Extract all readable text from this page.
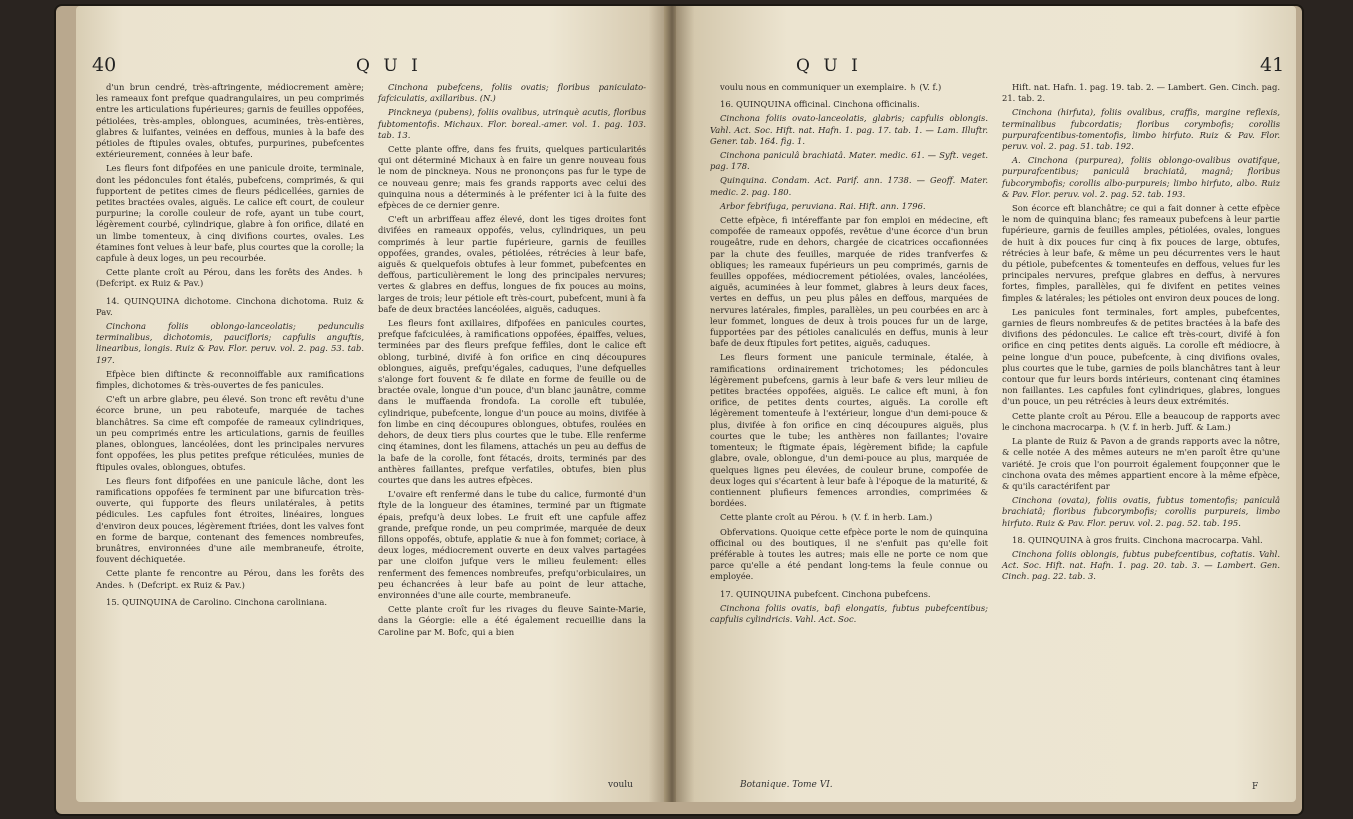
40	Q U I

d'un brun cendré, très-aftringente, médiocrement amère; les rameaux font prefque quadrangulaires, un peu comprimés entre les articulations fupérieures; garnis de feuilles oppofées, pétiolées, très-amples, oblongues, acuminées, très-entières, glabres & luifantes, veinées en deffous, munies à la bafe des pétioles de ftipules ovales, obtufes, purpurines, pubefcentes extérieurement, connées à leur bafe.

Les fleurs font difpofées en une panicule droite, terminale, dont les pédoncules font étalés, pubefcens, comprimés, & qui fupportent de petites cimes de fleurs pédicellées, garnies de petites bractées ovales, aiguës. Le calice eft court, de couleur purpurine; la corolle couleur de rofe, ayant un tube court, légèrement courbé, cylindrique, glabre à fon orifice, dilaté en un limbe tomenteux, à cinq divifions courtes, ovales. Les étamines font velues à leur bafe, plus courtes que la corolle; la capfule à deux loges, un peu recourbée.

Cette plante croît au Pérou, dans les forêts des Andes. ♄ (Defcript. ex Ruiz & Pav.)

14. QUINQUINA dichotome. Cinchona dichotoma. Ruiz & Pav.

Cinchona foliis oblongo-lanceolatis; pedunculis terminalibus, dichotomis, paucifloris; capfulis anguftis, linearibus, longis. Ruiz & Pav. Flor. peruv. vol. 2. pag. 53. tab. 197.

Efpèce bien diftincte & reconnoiffable aux ramifications fimples, dichotomes & très-ouvertes de fes panicules.

C'eft un arbre glabre, peu élevé. Son tronc eft revêtu d'une écorce brune, un peu raboteufe, marquée de taches blanchâtres. Sa cime eft compofée de rameaux cylindriques, un peu comprimés entre les articulations, garnis de feuilles planes, oblongues, lancéolées, dont les principales nervures font oppofées, les plus petites prefque réticulées, munies de ftipules ovales, oblongues, obtufes.

Les fleurs font difpofées en une panicule lâche, dont les ramifications oppofées fe terminent par une bifurcation très-ouverte, qui fupporte des fleurs unilatérales, à petits pédicules. Les capfules font étroites, linéaires, longues d'environ deux pouces, légèrement ftriées, dont les valves font en forme de barque, contenant des femences nombreufes, brunâtres, environnées d'une aile membraneufe, étroite, fouvent déchiquetée.

Cette plante fe rencontre au Pérou, dans les forêts des Andes. ♄ (Defcript. ex Ruiz & Pav.)

15. QUINQUINA de Carolino. Cinchona caroliniana.

Cinchona pubefcens, foliis ovatis; floribus paniculato-fafciculatis, axillaribus. (N.)

Pinckneya (pubens), foliis ovalibus, utrinquè acutis, floribus fubtomentofis. Michaux. Flor. boreal.-amer. vol. 1. pag. 103. tab. 13.

Cette plante offre, dans fes fruits, quelques particularités qui ont déterminé Michaux à en faire un genre nouveau fous le nom de pinckneya. Nous ne prononçons pas fur le type de ce nouveau genre; mais fes grands rapports avec celui des quinquina nous a déterminés à le préfenter ici à la fuite des efpèces de ce dernier genre.

C'eft un arbriffeau affez élevé, dont les tiges droites font divifées en rameaux oppofés, velus, cylindriques, un peu comprimés à leur partie fupérieure, garnis de feuilles oppofées, grandes, ovales, pétiolées, rétrécies à leur bafe, aiguës & quelquefois obtufes à leur fommet, pubefcentes en deffous, particulièrement le long des principales nervures; vertes & glabres en deffus, longues de fix pouces au moins, larges de trois; leur pétiole eft très-court, pubefcent, muni à fa bafe de deux bractées lancéolées, aiguës, caduques.

Les fleurs font axillaires, difpofées en panicules courtes, prefque fafciculées, à ramifications oppofées, épaiffes, velues, terminées par des fleurs prefque feffiles, dont le calice eft oblong, turbiné, divifé à fon orifice en cinq découpures oblongues, aiguës, prefqu'égales, caduques, l'une defquelles s'alonge fort fouvent & fe dilate en forme de feuille ou de bractée ovale, longue d'un pouce, d'un blanc jaunâtre, comme dans le muffaenda frondofa. La corolle eft tubulée, cylindrique, pubefcente, longue d'un pouce au moins, divifée à fon limbe en cinq découpures oblongues, obtufes, roulées en dehors, de deux tiers plus courtes que le tube. Elle renferme cinq étamines, dont les filamens, attachés un peu au deffus de la bafe de la corolle, font fétacés, droits, terminés par des anthères faillantes, prefque verfatiles, obtufes, bien plus courtes que dans les autres efpèces.

L'ovaire eft renfermé dans le tube du calice, furmonté d'un ftyle de la longueur des étamines, terminé par un ftigmate épais, prefqu'à deux lobes. Le fruit eft une capfule affez grande, prefque ronde, un peu comprimée, marquée de deux fillons oppofés, obtufe, applatie & nue à fon fommet; coriace, à deux loges, médiocrement ouverte en deux valves partagées par une cloifon jufque vers le milieu feulement: elles renferment des femences nombreufes, prefqu'orbiculaires, un peu échancrées à leur bafe au point de leur attache, environnées d'une aile courte, membraneufe.

Cette plante croît fur les rivages du fleuve Sainte-Marie, dans la Géorgie: elle a été également recueillie dans la Caroline par M. Bofc, qui a bien

voulu
Q U I	41

voulu nous en communiquer un exemplaire. ♄ (V. f.)

16. QUINQUINA officinal. Cinchona officinalis.

Cinchona foliis ovato-lanceolatis, glabris; capfulis oblongis. Vahl. Act. Soc. Hift. nat. Hafn. 1. pag. 17. tab. 1. — Lam. Illuftr. Gener. tab. 164. fig. 1.

Cinchona paniculâ brachiatâ. Mater. medic. 61. — Syft. veget. pag. 178.

Quinquina. Condam. Act. Parif. ann. 1738. — Geoff. Mater. medic. 2. pag. 180.

Arbor febrifuga, peruviana. Rai. Hift. ann. 1796.

Cette efpèce, fi intéreffante par fon emploi en médecine, eft compofée de rameaux oppofés, revêtue d'une écorce d'un brun rougeâtre, rude en dehors, chargée de cicatrices occafionnées par la chute des feuilles, marquée de rides tranfverfes & obliques; les rameaux fupérieurs un peu comprimés, garnis de feuilles oppofées, médiocrement pétiolées, ovales, lancéolées, aiguës, acuminées à leur fommet, glabres à leurs deux faces, vertes en deffus, un peu plus pâles en deffous, marquées de nervures latérales, fimples, parallèles, un peu courbées en arc à leur fommet, longues de deux à trois pouces fur un de large, fupportées par des pétioles canaliculés en deffus, munis à leur bafe de deux ftipules fort petites, aiguës, caduques.

Les fleurs forment une panicule terminale, étalée, à ramifications ordinairement trichotomes; les pédoncules légèrement pubefcens, garnis à leur bafe & vers leur milieu de petites bractées oppofées, aiguës. Le calice eft muni, à fon orifice, de petites dents courtes, aiguës. La corolle eft légèrement tomenteufe à l'extérieur, longue d'un demi-pouce & plus, divifée à fon orifice en cinq découpures aiguës, plus courtes que le tube; les anthères non faillantes; l'ovaire tomenteux; le ftigmate épais, légèrement bifide; la capfule glabre, ovale, oblongue, d'un demi-pouce au plus, marquée de quelques lignes peu élevées, de couleur brune, compofée de deux loges qui s'écartent à leur bafe à l'époque de la maturité, & contiennent plufieurs femences arrondies, comprimées & bordées.

Cette plante croît au Pérou. ♄ (V. f. in herb. Lam.)

Obfervations. Quoique cette efpèce porte le nom de quinquina officinal ou des boutiques, il ne s'enfuit pas qu'elle foit préférable à toutes les autres; mais elle ne porte ce nom que parce qu'elle a été pendant long-tems la feule connue ou employée.

17. QUINQUINA pubefcent. Cinchona pubefcens.

Cinchona foliis ovatis, bafi elongatis, fubtus pubefcentibus; capfulis cylindricis. Vahl. Act. Soc.

Hift. nat. Hafn. 1. pag. 19. tab. 2. — Lambert. Gen. Cinch. pag. 21. tab. 2.

Cinchona (hirfuta), foliis ovalibus, craffis, margine reflexis, terminalibus fubcordatis; floribus corymbofis; corollis purpurafcentibus-tomentofis, limbo hirfuto. Ruiz & Pav. Flor. peruv. vol. 2. pag. 51. tab. 192.

A. Cinchona (purpurea), foliis oblongo-ovalibus ovatifque, purpurafcentibus; paniculâ brachiatâ, magnâ; floribus fubcorymbofis; corollis albo-purpureis; limbo hirfuto, albo. Ruiz & Pav. Flor. peruv. vol. 2. pag. 52. tab. 193.

Son écorce eft blanchâtre; ce qui a fait donner à cette efpèce le nom de quinquina blanc; fes rameaux pubefcens à leur partie fupérieure, garnis de feuilles amples, pétiolées, ovales, longues de huit à dix pouces fur cinq à fix pouces de large, obtufes, rétrécies à leur bafe, & même un peu décurrentes vers le haut du pétiole, pubefcentes & tomenteufes en deffous, velues fur les principales nervures, prefque glabres en deffus, à nervures fortes, fimples, parallèles, qui fe divifent en petites veines fimples & latérales; les pétioles ont environ deux pouces de long.

Les panicules font terminales, fort amples, pubefcentes, garnies de fleurs nombreufes & de petites bractées à la bafe des divifions des pédoncules. Le calice eft très-court, divifé à fon orifice en cinq petites dents aiguës. La corolle eft médiocre, à peine longue d'un pouce, pubefcente, à cinq divifions ovales, plus courtes que le tube, garnies de poils blanchâtres tant à leur contour que fur leurs bords intérieurs, contenant cinq étamines non faillantes. Les capfules font cylindriques, glabres, longues d'un pouce, un peu rétrécies à leurs deux extrémités.

Cette plante croît au Pérou. Elle a beaucoup de rapports avec le cinchona macrocarpa. ♄ (V. f. in herb. Juff. & Lam.)

La plante de Ruiz & Pavon a de grands rapports avec la nôtre, & celle notée A des mêmes auteurs ne m'en paroît être qu'une variété. Je crois que l'on pourroit également foupçonner que le cinchona ovata des mêmes appartient encore à la même efpèce, & qu'ils caractérifent par

Cinchona (ovata), foliis ovatis, fubtus tomentofis; paniculâ brachiatâ; floribus fubcorymbofis; corollis purpureis, limbo hirfuto. Ruiz & Pav. Flor. peruv. vol. 2. pag. 52. tab. 195.

18. QUINQUINA à gros fruits. Cinchona macrocarpa. Vahl.

Cinchona foliis oblongis, fubtus pubefcentibus, coftatis. Vahl. Act. Soc. Hift. nat. Hafn. 1. pag. 20. tab. 3. — Lambert. Gen. Cinch. pag. 22. tab. 3.

Botanique. Tome VI.	F
